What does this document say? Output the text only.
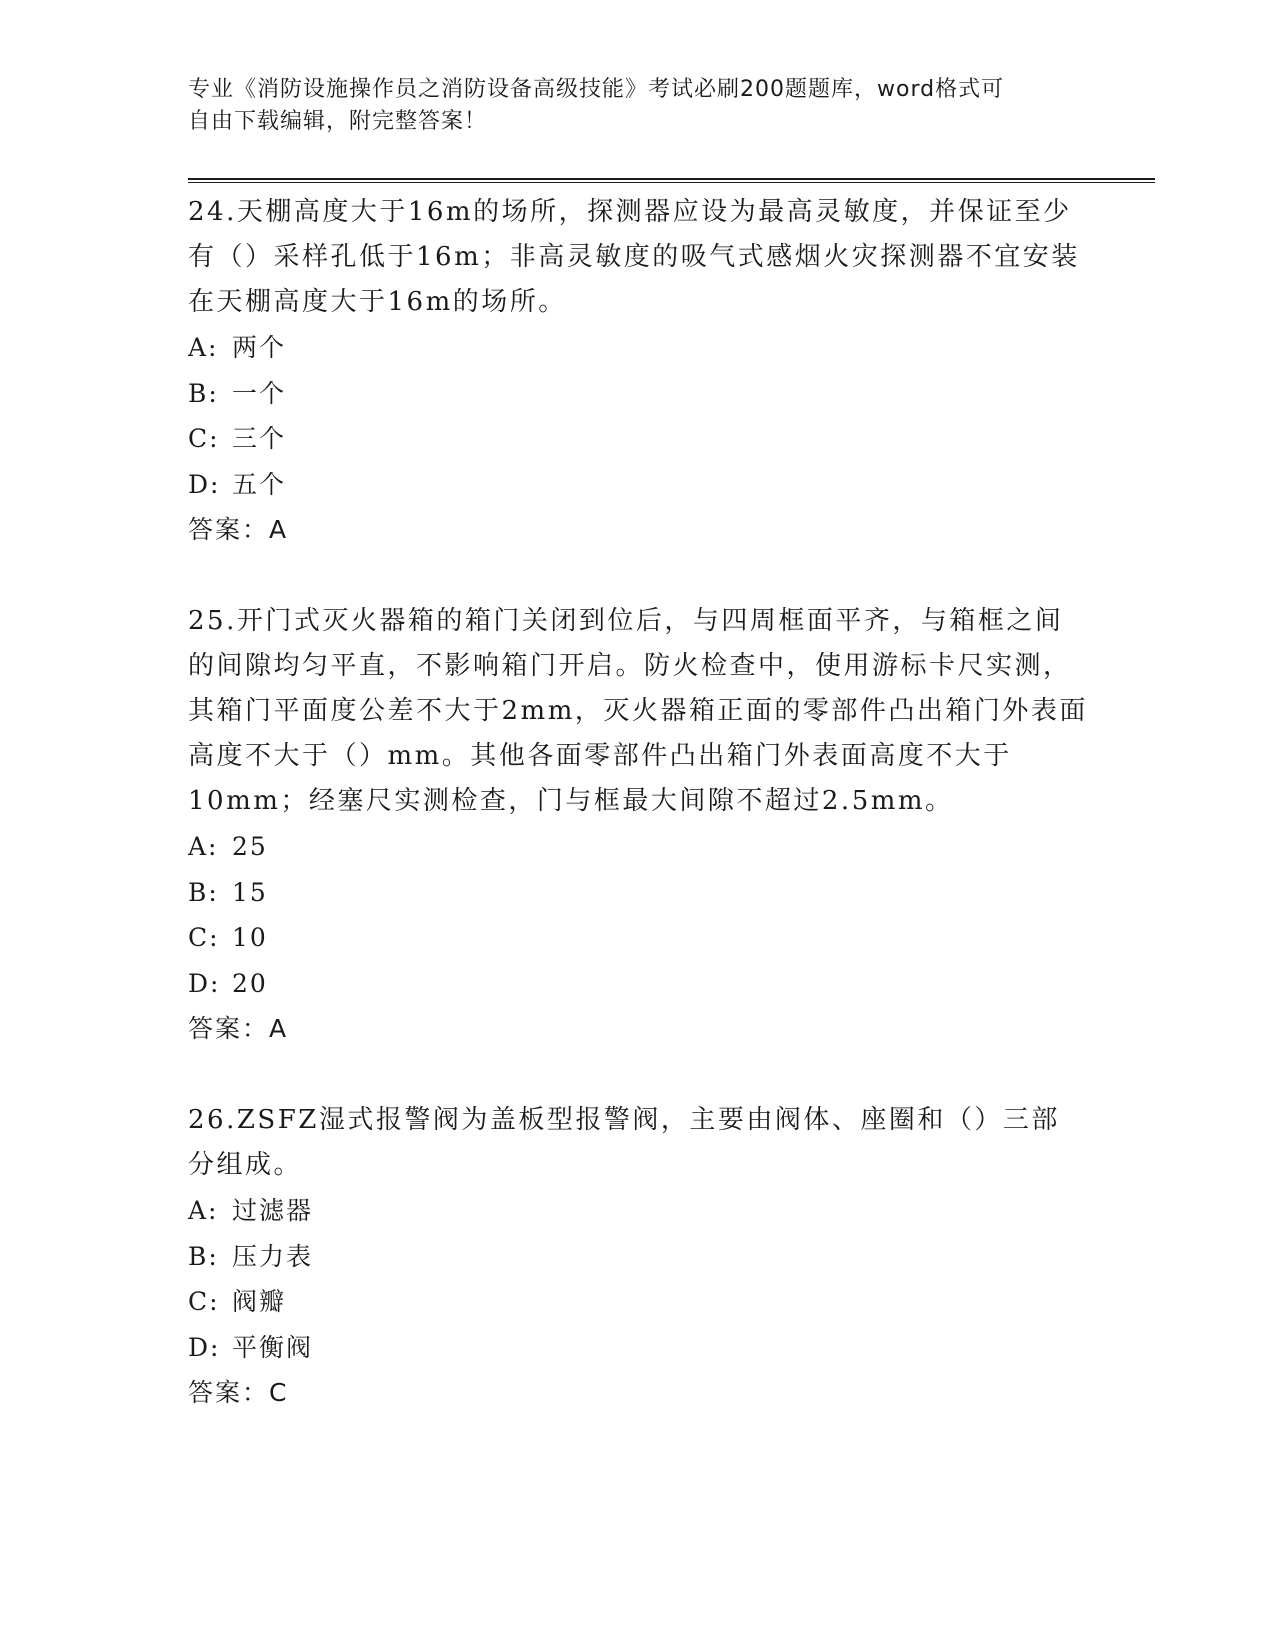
专业《消防设施操作员之消防设备高级技能》考试必刷200题题库，word格式可
自由下载编辑，附完整答案！

24.天棚高度大于16m的场所，探测器应设为最高灵敏度，并保证至少有（）采样孔低于16m；非高灵敏度的吸气式感烟火灾探测器不宜安装在天棚高度大于16m的场所。

A: 两个
B: 一个
C: 三个
D: 五个

答案：A

25.开门式灭火器箱的箱门关闭到位后，与四周框面平齐，与箱框之间的间隙均匀平直，不影响箱门开启。防火检查中，使用游标卡尺实测，其箱门平面度公差不大于2mm，灭火器箱正面的零部件凸出箱门外表面高度不大于（）mm。其他各面零部件凸出箱门外表面高度不大于10mm；经塞尺实测检查，门与框最大间隙不超过2.5mm。

A: 25
B: 15
C: 10
D: 20

答案：A

26.ZSFZ湿式报警阀为盖板型报警阀，主要由阀体、座圈和（）三部分组成。

A: 过滤器
B: 压力表
C: 阀瓣
D: 平衡阀

答案：C
